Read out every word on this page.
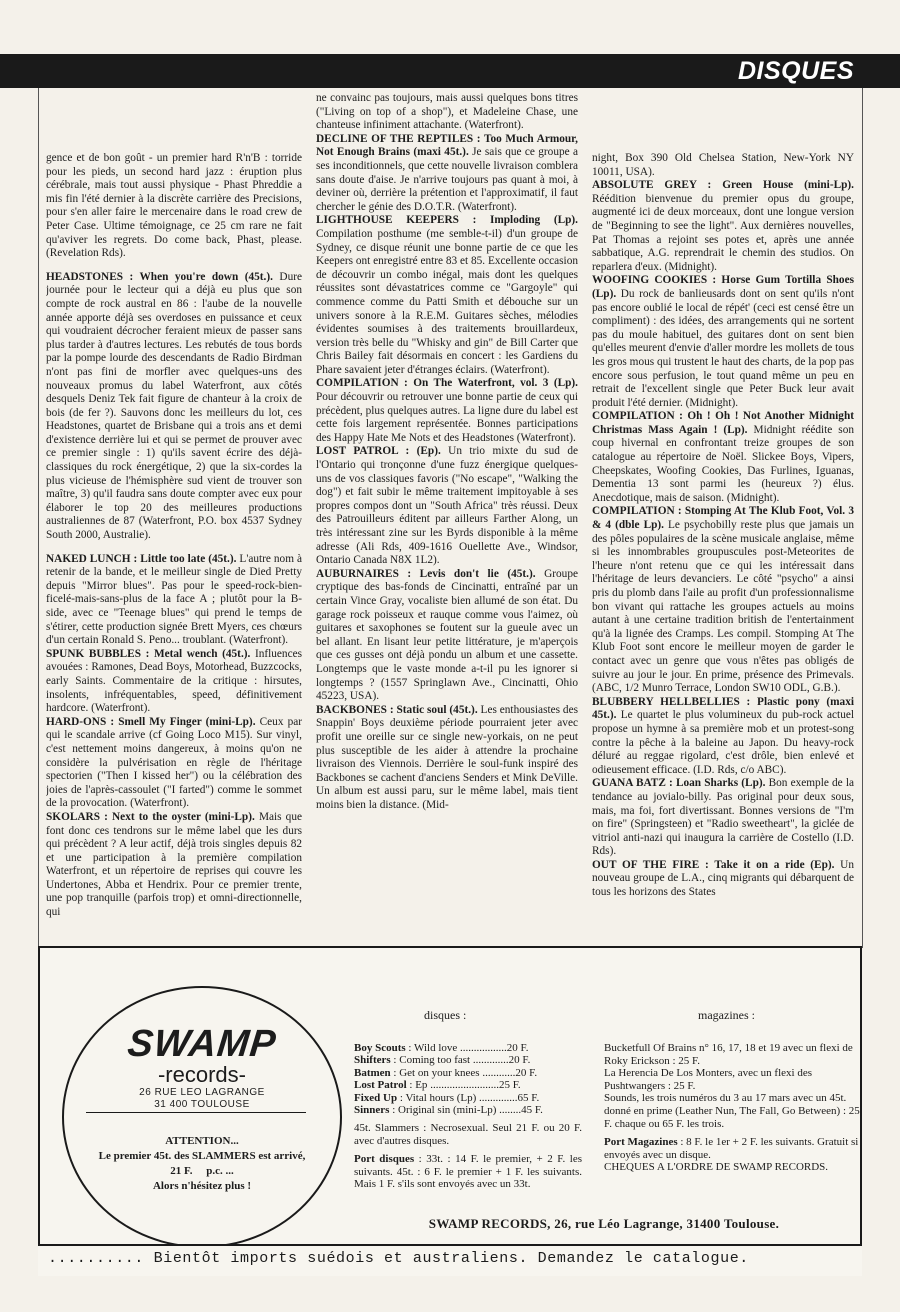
DISQUES

gence et de bon goût - un premier hard R'n'B : torride pour les pieds, un second hard jazz : éruption plus cérébrale, mais tout aussi physique - Phast Phreddie a mis fin l'été dernier à la discrète carrière des Precisions, pour s'en aller faire le mercenaire dans le road crew de Peter Case. Ultime témoignage, ce 25 cm rare ne fait qu'aviver les regrets. Do come back, Phast, please. (Revelation Rds).

HEADSTONES : When you're down (45t.). Dure journée pour le lecteur qui a déjà eu plus que son compte de rock austral en 86 : l'aube de la nouvelle année apporte déjà ses overdoses en puissance et ceux qui voudraient décrocher feraient mieux de passer sans plus tarder à d'autres lectures. Les rebutés de tous bords par la pompe lourde des descendants de Radio Birdman n'ont pas fini de morfler avec quelques-uns des nouveaux promus du label Waterfront, aux côtés desquels Deniz Tek fait figure de chanteur à la croix de bois (de fer ?). Sauvons donc les meilleurs du lot, ces Headstones, quartet de Brisbane qui a trois ans et demi d'existence derrière lui et qui se permet de prouver avec ce premier single : 1) qu'ils savent écrire des déjà-classiques du rock énergétique, 2) que la six-cordes la plus vicieuse de l'hémisphère sud vient de trouver son maître, 3) qu'il faudra sans doute compter avec eux pour élaborer le top 20 des meilleures productions australiennes de 87 (Waterfront, P.O. box 4537 Sydney South 2000, Australie).

NAKED LUNCH : Little too late (45t.). L'autre nom à retenir de la bande, et le meilleur single de Died Pretty depuis "Mirror blues". Pas pour le speed-rock-bien-ficelé-mais-sans-plus de la face A ; plutôt pour la B-side, avec ce "Teenage blues" qui prend le temps de s'étirer, cette production signée Brett Myers, ces chœurs d'un certain Ronald S. Peno... troublant. (Waterfront).

SPUNK BUBBLES : Metal wench (45t.). Influences avouées : Ramones, Dead Boys, Motorhead, Buzzcocks, early Saints. Commentaire de la critique : hirsutes, insolents, infréquentables, speed, définitivement hardcore. (Waterfront).

HARD-ONS : Smell My Finger (mini-Lp). Ceux par qui le scandale arrive (cf Going Loco M15). Sur vinyl, c'est nettement moins dangereux, à moins qu'on ne considère la pulvérisation en règle de l'héritage spectorien ("Then I kissed her") ou la célébration des joies de l'après-cassoulet ("I farted") comme le sommet de la provocation. (Waterfront).

SKOLARS : Next to the oyster (mini-Lp). Mais que font donc ces tendrons sur le même label que les durs qui précèdent ? A leur actif, déjà trois singles depuis 82 et une participation à la première compilation Waterfront, et un répertoire de reprises qui couvre les Undertones, Abba et Hendrix. Pour ce premier trente, une pop tranquille (parfois trop) et omni-directionnelle, qui

ne convainc pas toujours, mais aussi quelques bons titres ("Living on top of a shop"), et Madeleine Chase, une chanteuse infiniment attachante. (Waterfront).

DECLINE OF THE REPTILES : Too Much Armour, Not Enough Brains (maxi 45t.). Je sais que ce groupe a ses inconditionnels, que cette nouvelle livraison comblera sans doute d'aise. Je n'arrive toujours pas quant à moi, à deviner où, derrière la prétention et l'approximatif, il faut chercher le génie des D.O.T.R. (Waterfront).

LIGHTHOUSE KEEPERS : Imploding (Lp). Compilation posthume (me semble-t-il) d'un groupe de Sydney, ce disque réunit une bonne partie de ce que les Keepers ont enregistré entre 83 et 85. Excellente occasion de découvrir un combo inégal, mais dont les quelques réussites sont dévastatrices comme ce "Gargoyle" qui commence comme du Patti Smith et débouche sur un univers sonore à la R.E.M. Guitares sèches, mélodies évidentes soumises à des traitements brouillardeux, version très belle du "Whisky and gin" de Bill Carter que Chris Bailey fait désormais en concert : les Gardiens du Phare savaient jeter d'étranges éclairs. (Waterfront).

COMPILATION : On The Waterfront, vol. 3 (Lp). Pour découvrir ou retrouver une bonne partie de ceux qui précèdent, plus quelques autres. La ligne dure du label est cette fois largement représentée. Bonnes participations des Happy Hate Me Nots et des Headstones (Waterfront).

LOST PATROL : (Ep). Un trio mixte du sud de l'Ontario qui tronçonne d'une fuzz énergique quelques-uns de vos classiques favoris ("No escape", "Walking the dog") et fait subir le même traitement impitoyable à ses propres compos dont un "South Africa" très réussi. Deux des Patrouilleurs éditent par ailleurs Farther Along, un très intéressant zine sur les Byrds disponible à la même adresse (Ali Rds, 409-1616 Ouellette Ave., Windsor, Ontario Canada N8X 1L2).

AUBURNAIRES : Levis don't lie (45t.). Groupe cryptique des bas-fonds de Cincinatti, entraîné par un certain Vince Gray, vocaliste bien allumé de son état. Du garage rock poisseux et rauque comme vous l'aimez, où guitares et saxophones se foutent sur la gueule avec un bel allant. En lisant leur petite littérature, je m'aperçois que ces gusses ont déjà pondu un album et une cassette. Longtemps que le vaste monde a-t-il pu les ignorer si longtemps ? (1557 Springlawn Ave., Cincinatti, Ohio 45223, USA).

BACKBONES : Static soul (45t.). Les enthousiastes des Snappin' Boys deuxième période pourraient jeter avec profit une oreille sur ce single new-yorkais, on ne peut plus susceptible de les aider à attendre la prochaine livraison des Viennois. Derrière le soul-funk inspiré des Backbones se cachent d'anciens Senders et Mink DeVille. Un album est aussi paru, sur le même label, mais tient moins bien la distance. (Mid-

night, Box 390 Old Chelsea Station, New-York NY 10011, USA).

ABSOLUTE GREY : Green House (mini-Lp). Réédition bienvenue du premier opus du groupe, augmenté ici de deux morceaux, dont une longue version de "Beginning to see the light". Aux dernières nouvelles, Pat Thomas a rejoint ses potes et, après une année sabbatique, A.G. reprendrait le chemin des studios. On reparlera d'eux. (Midnight).

WOOFING COOKIES : Horse Gum Tortilla Shoes (Lp). Du rock de banlieusards dont on sent qu'ils n'ont pas encore oublié le local de répét' (ceci est censé être un compliment) : des idées, des arrangements qui ne sortent pas du moule habituel, des guitares dont on sent bien qu'elles meurent d'envie d'aller mordre les mollets de tous les gros mous qui trustent le haut des charts, de la pop pas encore sous perfusion, le tout quand même un peu en retrait de l'excellent single que Peter Buck leur avait produit l'été dernier. (Midnight).

COMPILATION : Oh ! Oh ! Not Another Midnight Christmas Mass Again ! (Lp). Midnight réédite son coup hivernal en confrontant treize groupes de son catalogue au répertoire de Noël. Slickee Boys, Vipers, Cheepskates, Woofing Cookies, Das Furlines, Iguanas, Dementia 13 sont parmi les (heureux ?) élus. Anecdotique, mais de saison. (Midnight).

COMPILATION : Stomping At The Klub Foot, Vol. 3 & 4 (dble Lp). Le psychobilly reste plus que jamais un des pôles populaires de la scène musicale anglaise, même si les innombrables groupuscules post-Meteorites de l'heure n'ont retenu que ce qui les intéressait dans l'héritage de leurs devanciers. Le côté "psycho" a ainsi pris du plomb dans l'aile au profit d'un professionnalisme bon vivant qui rattache les groupes actuels au moins autant à une certaine tradition british de l'entertainment qu'à la lignée des Cramps. Les compil. Stomping At The Klub Foot sont encore le meilleur moyen de garder le contact avec un genre que vous n'êtes pas obligés de suivre au jour le jour. En prime, présence des Primevals. (ABC, 1/2 Munro Terrace, London SW10 ODL, G.B.).

BLUBBERY HELLBELLIES : Plastic pony (maxi 45t.). Le quartet le plus volumineux du pub-rock actuel propose un hymne à sa première mob et un protest-song contre la pêche à la baleine au Japon. Du heavy-rock déluré au reggae rigolard, c'est drôle, bien enlevé et odieusement efficace. (I.D. Rds, c/o ABC).

GUANA BATZ : Loan Sharks (Lp). Bon exemple de la tendance au jovialo-billy. Pas original pour deux sous, mais, ma foi, fort divertissant. Bonnes versions de "I'm on fire" (Springsteen) et "Radio sweetheart", la giclée de vitriol anti-nazi qui inaugura la carrière de Costello (I.D. Rds).

OUT OF THE FIRE : Take it on a ride (Ep). Un nouveau groupe de L.A., cinq migrants qui débarquent de tous les horizons des States

SWAMP
-records-
26 RUE LEO LAGRANGE
31 400 TOULOUSE
ATTENTION...
Le premier 45t. des SLAMMERS est arrivé,
21 F.     p.c. ...
Alors n'hésitez plus !
disques :	magazines :
Boy Scouts : Wild love .................20 F.
Shifters : Coming too fast .............20 F.
Batmen : Get on your knees ............20 F.
Lost Patrol : Ep .........................25 F.
Fixed Up : Vital hours (Lp) ..............65 F.
Sinners : Original sin (mini-Lp) ........45 F.
45t. Slammers : Necrosexual. Seul 21 F. ou 20 F. avec d'autres disques.
Port disques : 33t. : 14 F. le premier, + 2 F. les suivants. 45t. : 6 F. le premier + 1 F. les suivants. Mais 1 F. s'ils sont envoyés avec un 33t.
Bucketfull Of Brains n° 16, 17, 18 et 19 avec un flexi de Roky Erickson : 25 F.
La Herencia De Los Monters, avec un flexi des Pushtwangers : 25 F.
Sounds, les trois numéros du 3 au 17 mars avec un 45t. donné en prime (Leather Nun, The Fall, Go Between) : 25 F. chaque ou 65 F. les trois.
Port Magazines : 8 F. le 1er + 2 F. les suivants. Gratuit si envoyés avec un disque.
CHEQUES A L'ORDRE DE SWAMP RECORDS.
SWAMP RECORDS, 26, rue Léo Lagrange, 31400 Toulouse.
.......... Bientôt imports suédois et australiens. Demandez le catalogue.
